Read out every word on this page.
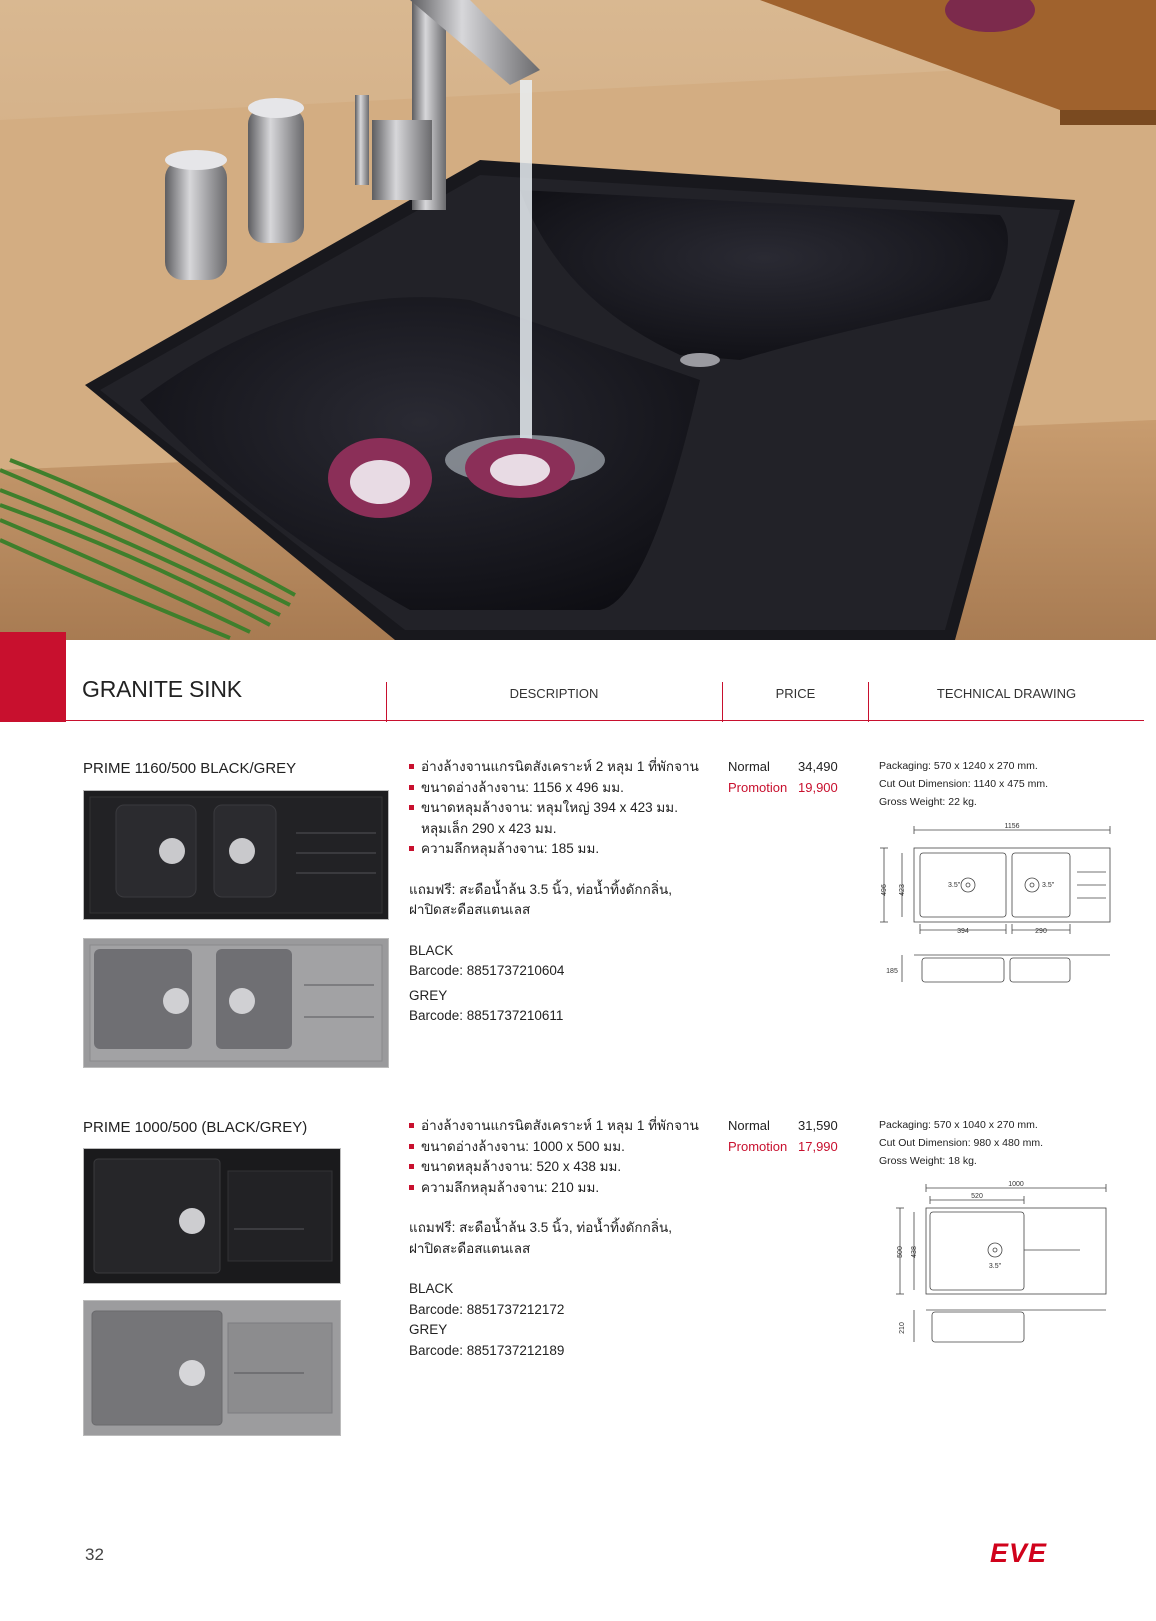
GRANITE SINK	DESCRIPTION	PRICE	TECHNICAL DRAWING
PRIME 1160/500 BLACK/GREY	อ่างล้างจานแกรนิตสังเคราะห์ 2 หลุม 1 ที่พักจาน
ขนาดอ่างล้างจาน: 1156 x 496 มม.
ขนาดหลุมล้างจาน: หลุมใหญ่ 394 x 423 มม.
หลุมเล็ก 290 x 423 มม.
ความลึกหลุมล้างจาน: 185 มม.

แถมฟรี: สะดือน้ำล้น 3.5 นิ้ว, ท่อน้ำทิ้งดักกลิ่น,

ฝาปิดสะดือสแตนเลส

BLACK

Barcode: 8851737210604

GREY

Barcode: 8851737210611

Normal 34,490
Promotion 19,900
Packaging: 570 x 1240 x 270 mm.
Cut Out Dimension: 1140 x 475 mm.
Gross Weight: 22 kg.
1156
496 423	3.5"	3.5"
394	290
185
PRIME 1000/500 (BLACK/GREY)	อ่างล้างจานแกรนิตสังเคราะห์ 1 หลุม 1 ที่พักจาน
ขนาดอ่างล้างจาน: 1000 x 500 มม.
ขนาดหลุมล้างจาน: 520 x 438 มม.
ความลึกหลุมล้างจาน: 210 มม.

แถมฟรี: สะดือน้ำล้น 3.5 นิ้ว, ท่อน้ำทิ้งดักกลิ่น,

ฝาปิดสะดือสแตนเลส

BLACK

Barcode: 8851737212172

GREY

Barcode: 8851737212189

Normal 31,590
Promotion 17,990
Packaging: 570 x 1040 x 270 mm.
Cut Out Dimension: 980 x 480 mm.
Gross Weight: 18 kg.
1000
520
500 438
3.5"
210
32	EVE
